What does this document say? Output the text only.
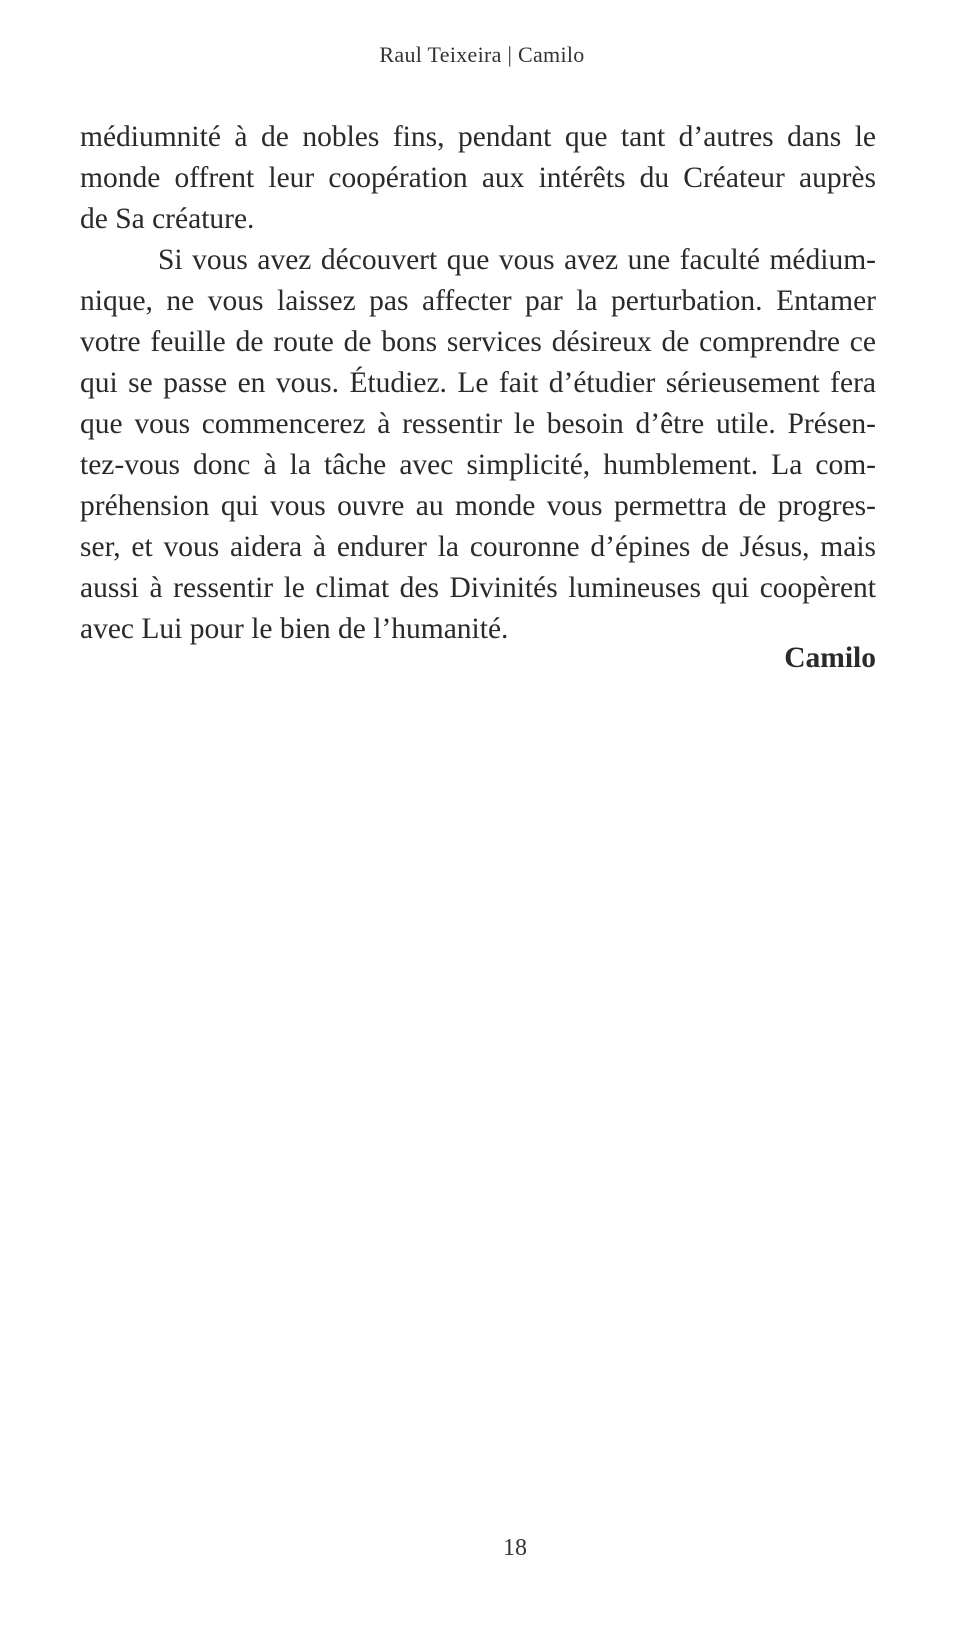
Raul Teixeira | Camilo
médiumnité à de nobles fins, pendant que tant d’autres dans le
monde offrent leur coopération aux intérêts du Créateur auprès
de Sa créature.
Si vous avez découvert que vous avez une faculté médium-
nique, ne vous laissez pas affecter par la perturbation. Entamer
votre feuille de route de bons services désireux de comprendre ce
qui se passe en vous. Étudiez. Le fait d’étudier sérieusement fera
que vous commencerez à ressentir le besoin d’être utile. Présen-
tez-vous donc à la tâche avec simplicité, humblement. La com-
préhension qui vous ouvre au monde vous permettra de progres-
ser, et vous aidera à endurer la couronne d’épines de Jésus, mais
aussi à ressentir le climat des Divinités lumineuses qui coopèrent
avec Lui pour le bien de l’humanité.
Camilo
18
